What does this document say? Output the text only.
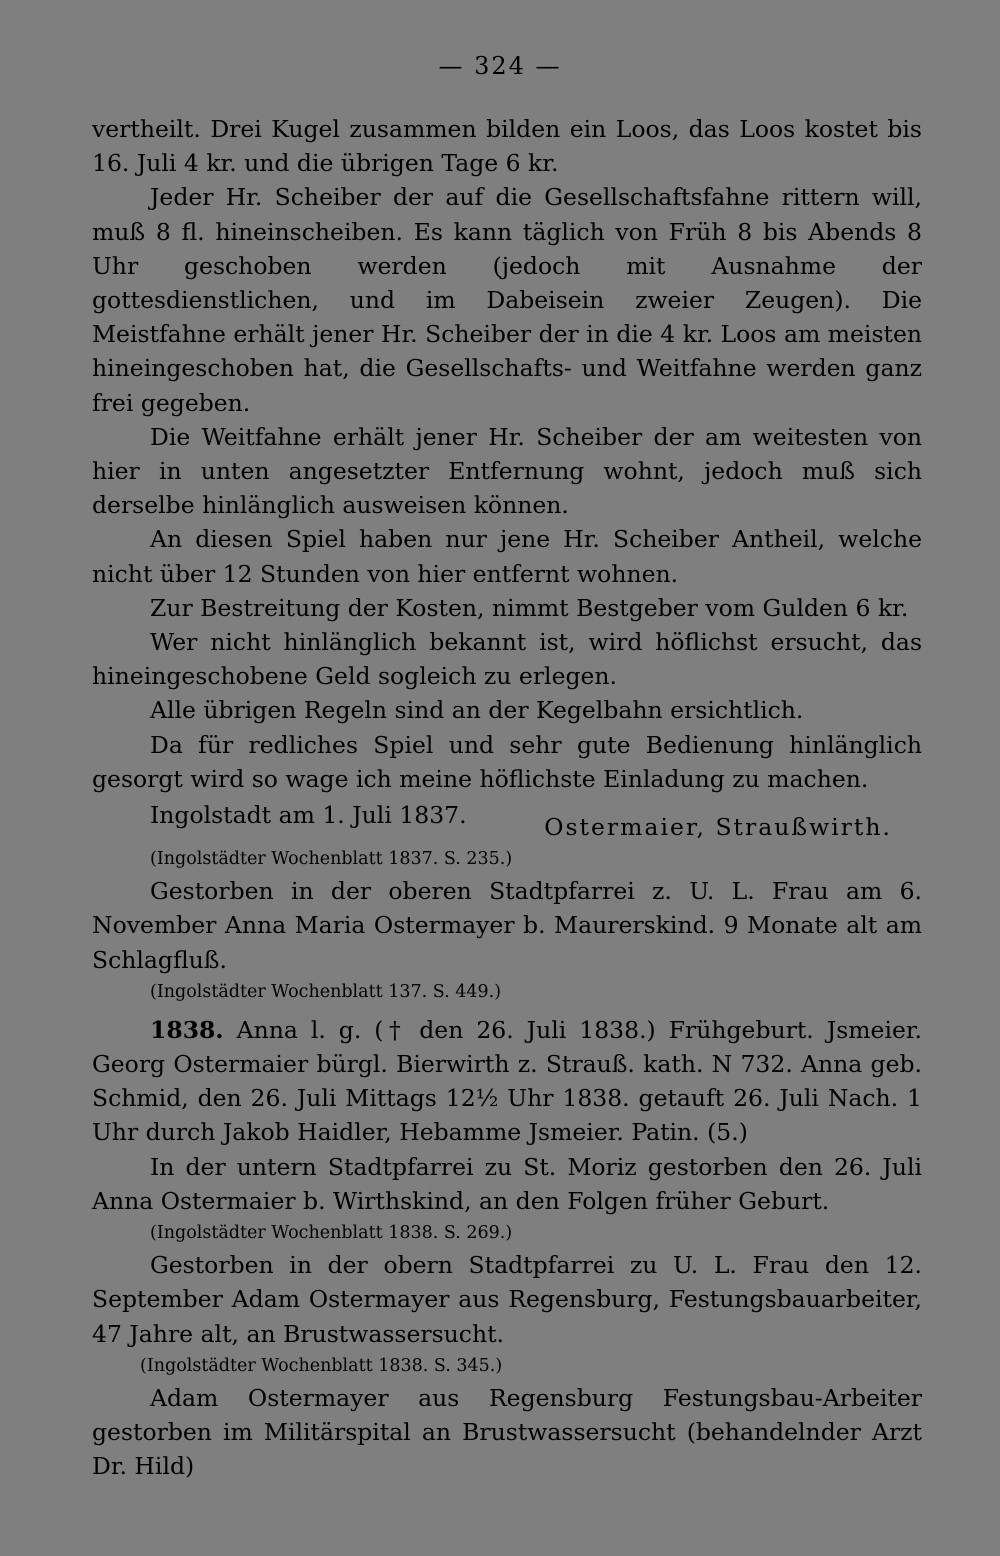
— 324 —

vertheilt. Drei Kugel zusammen bilden ein Loos, das Loos kostet bis 16. Juli 4 kr. und die übrigen Tage 6 kr.

Jeder Hr. Scheiber der auf die Gesellschaftsfahne rittern will, muß 8 fl. hineinscheiben. Es kann täglich von Früh 8 bis Abends 8 Uhr geschoben werden (jedoch mit Ausnahme der gottesdienstlichen, und im Dabeisein zweier Zeugen). Die Meistfahne erhält jener Hr. Scheiber der in die 4 kr. Loos am meisten hineingeschoben hat, die Gesellschafts- und Weitfahne werden ganz frei gegeben.

Die Weitfahne erhält jener Hr. Scheiber der am weitesten von hier in unten angesetzter Entfernung wohnt, jedoch muß sich derselbe hinlänglich ausweisen können.

An diesen Spiel haben nur jene Hr. Scheiber Antheil, welche nicht über 12 Stunden von hier entfernt wohnen.

Zur Bestreitung der Kosten, nimmt Bestgeber vom Gulden 6 kr.

Wer nicht hinlänglich bekannt ist, wird höflichst ersucht, das hineingeschobene Geld sogleich zu erlegen.

Alle übrigen Regeln sind an der Kegelbahn ersichtlich.

Da für redliches Spiel und sehr gute Bedienung hinlänglich gesorgt wird so wage ich meine höflichste Einladung zu machen.

Ingolstadt am 1. Juli 1837.	Ostermaier, Straußwirth.

(Ingolstädter Wochenblatt 1837. S. 235.)

Gestorben in der oberen Stadtpfarrei z. U. L. Frau am 6. November Anna Maria Ostermayer b. Maurerskind. 9 Monate alt am Schlagfluß.

(Ingolstädter Wochenblatt 137. S. 449.)

1838. Anna l. g. († den 26. Juli 1838.) Frühgeburt. Jsmeier. Georg Ostermaier bürgl. Bierwirth z. Strauß. kath. N 732. Anna geb. Schmid, den 26. Juli Mittags 12½ Uhr 1838. getauft 26. Juli Nach. 1 Uhr durch Jakob Haidler, Hebamme Jsmeier. Patin. (5.)

In der untern Stadtpfarrei zu St. Moriz gestorben den 26. Juli Anna Ostermaier b. Wirthskind, an den Folgen früher Geburt.

(Ingolstädter Wochenblatt 1838. S. 269.)

Gestorben in der obern Stadtpfarrei zu U. L. Frau den 12. September Adam Ostermayer aus Regensburg, Festungsbauarbeiter, 47 Jahre alt, an Brustwassersucht.

(Ingolstädter Wochenblatt 1838. S. 345.)

Adam Ostermayer aus Regensburg Festungsbau-Arbeiter gestorben im Militärspital an Brustwassersucht (behandelnder Arzt Dr. Hild)
